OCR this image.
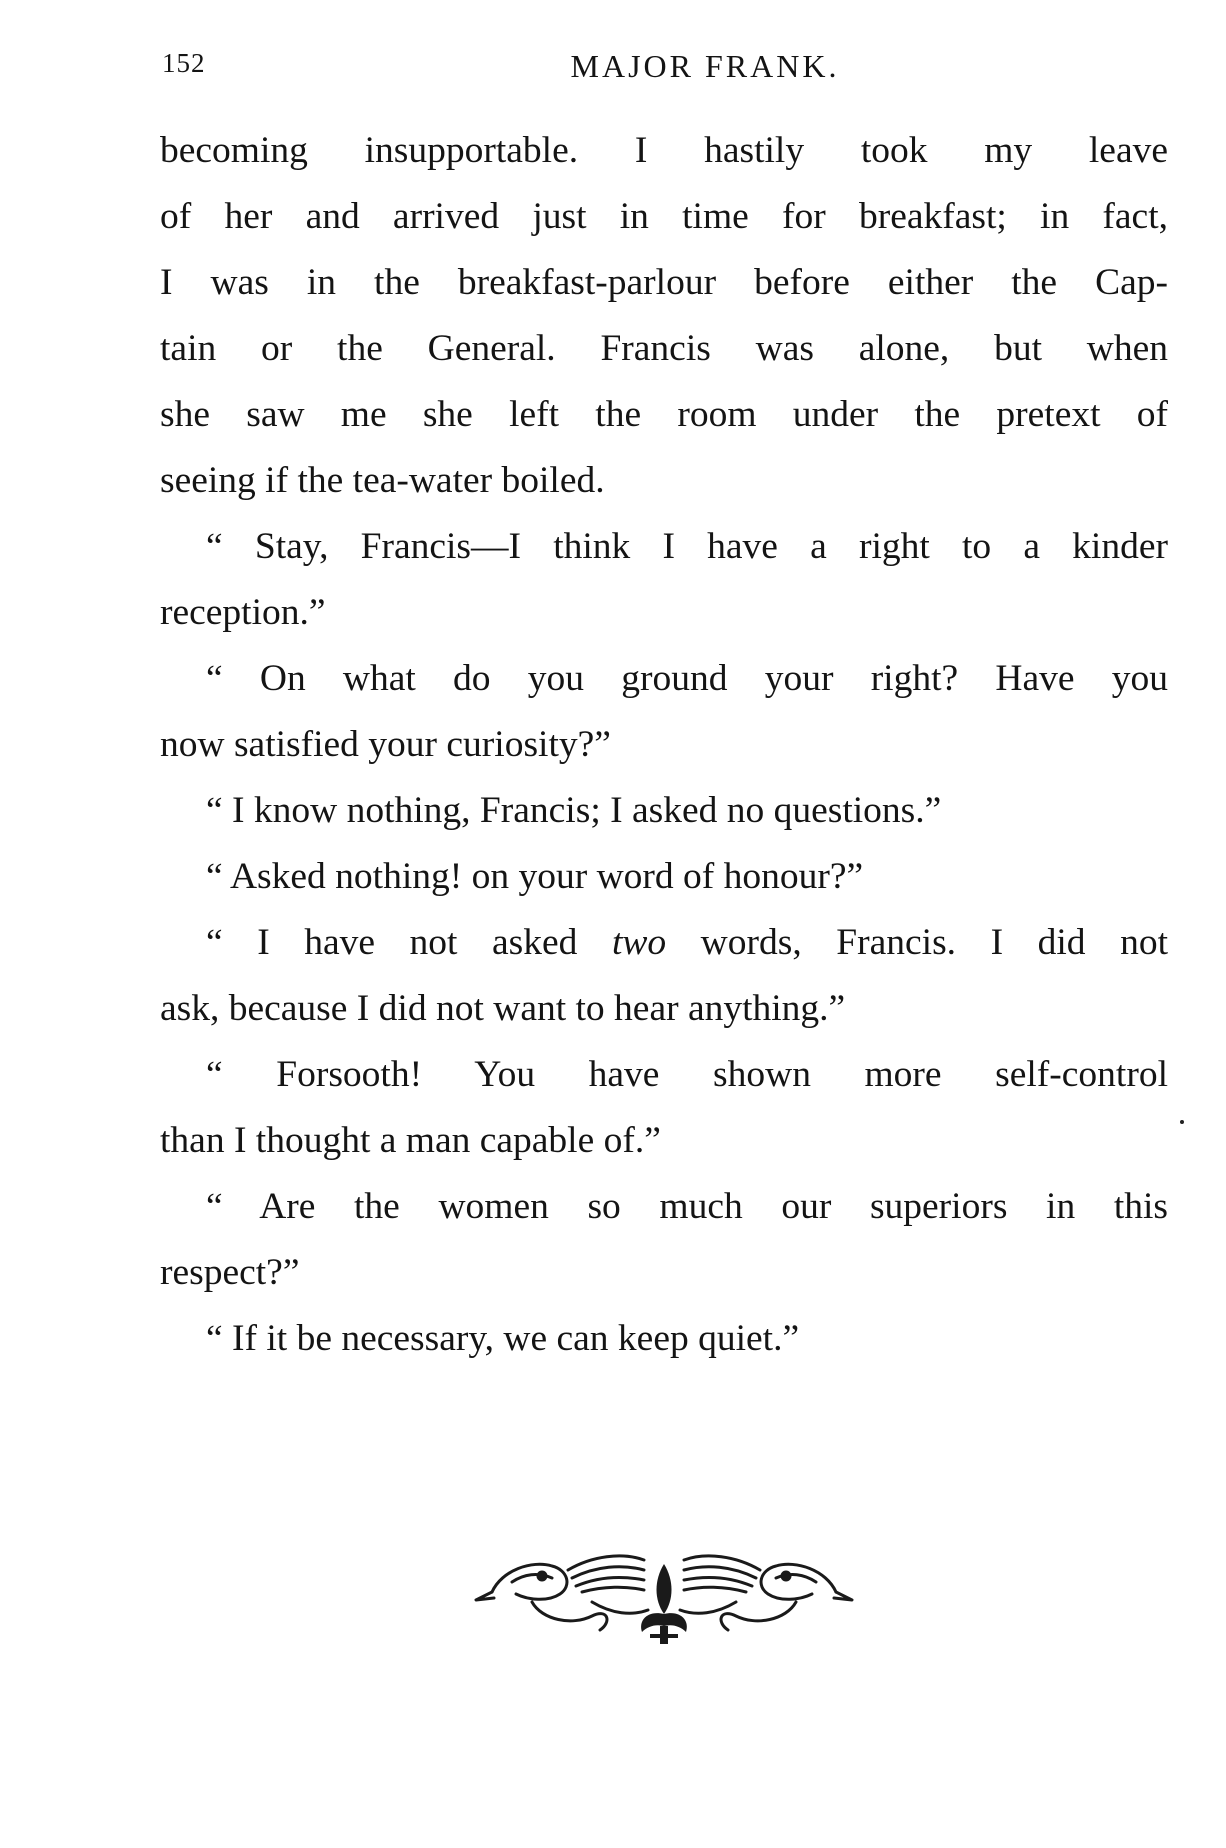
152	MAJOR FRANK.
becoming insupportable. I hastily took my leave
of her and arrived just in time for breakfast; in fact,
I was in the breakfast-parlour before either the Cap-
tain or the General. Francis was alone, but when
she saw me she left the room under the pretext of
seeing if the tea-water boiled.
“ Stay, Francis—I think I have a right to a kinder
reception.”
“ On what do you ground your right? Have you
now satisfied your curiosity?”
“ I know nothing, Francis; I asked no questions.”
“ Asked nothing! on your word of honour?”
“ I have not asked two words, Francis. I did not
ask, because I did not want to hear anything.”
“ Forsooth! You have shown more self-control
than I thought a man capable of.”
“ Are the women so much our superiors in this
respect?”
“ If it be necessary, we can keep quiet.”
